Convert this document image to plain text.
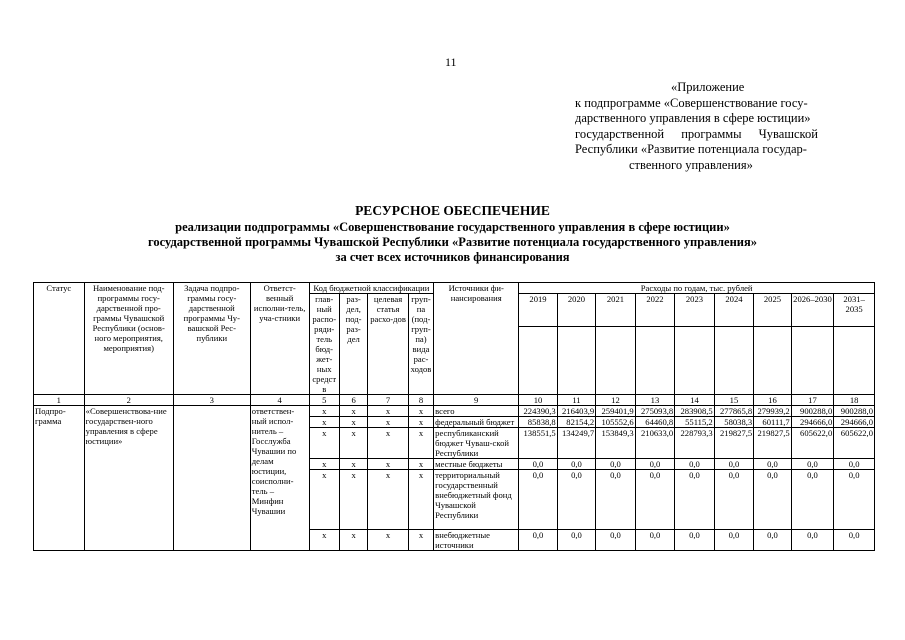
11
«Приложение
к подпрограмме «Совершенствование госу-
дарственного управления в сфере юстиции»
государственной программы Чувашской
Республики «Развитие потенциала государ-
ственного управления»
РЕСУРСНОЕ ОБЕСПЕЧЕНИЕ
реализации подпрограммы «Совершенствование государственного управления в сфере юстиции»
государственной программы Чувашской Республики «Развитие потенциала государственного управления»
за счет всех источников финансирования
Статус	Наименование под-программы госу-дарственной про-граммы Чувашской Республики (основ-ного мероприятия, мероприятия)	Задача подпро-граммы госу-дарственной программы Чу-вашской Рес-публики	Ответст-венный исполни-тель, уча-стники	Код бюджетной классификации				Источники фи-нансирования	Расходы по годам, тыс. рублей								
				глав-ный распо-ряди-тель бюд-жет-ных средств	раз-дел, под-раз-дел	целевая статья расхо-дов	груп-па (под-груп-па) вида рас-ходов		2019	2020	2021	2022	2023	2024	2025	2026–2030	2031–2035

1	2	3	4	5	6	7	8	9	10	11	12	13	14	15	16	17	18
Подпро-грамма	«Совершенствова-ние государствен-ного управления в сфере юстиции»		ответствен-ный испол-нитель – Госслужба Чувашии по делам юстиции, соисполни-тель – Минфин Чувашии	х	х	х	х	всего	224390,3	216403,9	259401,9	275093,8	283908,5	277865,8	279939,2	900288,0	900288,0
				х	х	х	х	федеральный бюджет	85838,8	82154,2	105552,6	64460,8	55115,2	58038,3	60111,7	294666,0	294666,0
				х	х	х	х	республиканский бюджет Чуваш-ской Республики	138551,5	134249,7	153849,3	210633,0	228793,3	219827,5	219827,5	605622,0	605622,0
				х	х	х	х	местные бюджеты	0,0	0,0	0,0	0,0	0,0	0,0	0,0	0,0	0,0
				х	х	х	х	территориальный государственный внебюджетный фонд Чувашской Республики	0,0	0,0	0,0	0,0	0,0	0,0	0,0	0,0	0,0
				х	х	х	х	внебюджетные источники	0,0	0,0	0,0	0,0	0,0	0,0	0,0	0,0	0,0
